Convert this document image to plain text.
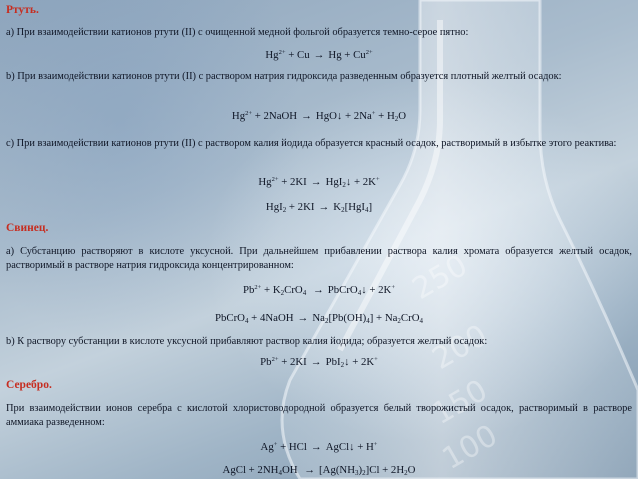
250
200
150
100
Ртуть.
а) При взаимодействии катионов ртути (II) с очищенной медной фольгой образуется темно-серое пятно:
$Hg^{2+} + Cu \to Hg + Cu^{2+}$
b) При взаимодействии катионов ртути (II) с раствором натрия гидроксида разведенным образуется плотный желтый осадок:
$Hg^{2+}$ + 2NaOH → HgO↓ + $2Na^+ + H_2O$
с) При взаимодействии катионов ртути (II) с раствором калия йодида образуется красный осадок, растворимый в избытке этого реактива:
$Hg^{2+} + 2KI$ → HgI$_2$↓ + 2K+
$HgI_2 + 2KI \to K_2[HgI_4]$
Свинец.
а) Субстанцию растворяют в кислоте уксусной. При дальнейшем прибавлении раствора калия хромата образуется желтый осадок, растворимый в растворе натрия гидроксида концентрированном:
$Pb^{2+} + K_2CrO_4$ → PbCrO$_4$↓ + 2K+
PbCrO$_4$ + 4NaOH → $Na_2[Pb(OH)_4] + Na_2CrO_4$
b) К раствору субстанции в кислоте уксусной прибавляют раствор калия йодида; образуется желтый осадок:
$Pb^{2+} + 2KI$ → PbI$_2$↓ + 2K+
Серебро.
При взаимодействии ионов серебра с кислотой хлористоводородной образуется белый творожистый осадок, растворимый в растворе аммиака разведенном:
Ag+ + HCl → AgCl↓ + H+
AgCl + $2NH_4OH \to [Ag(NH_3)_2]Cl + 2H_2O$
